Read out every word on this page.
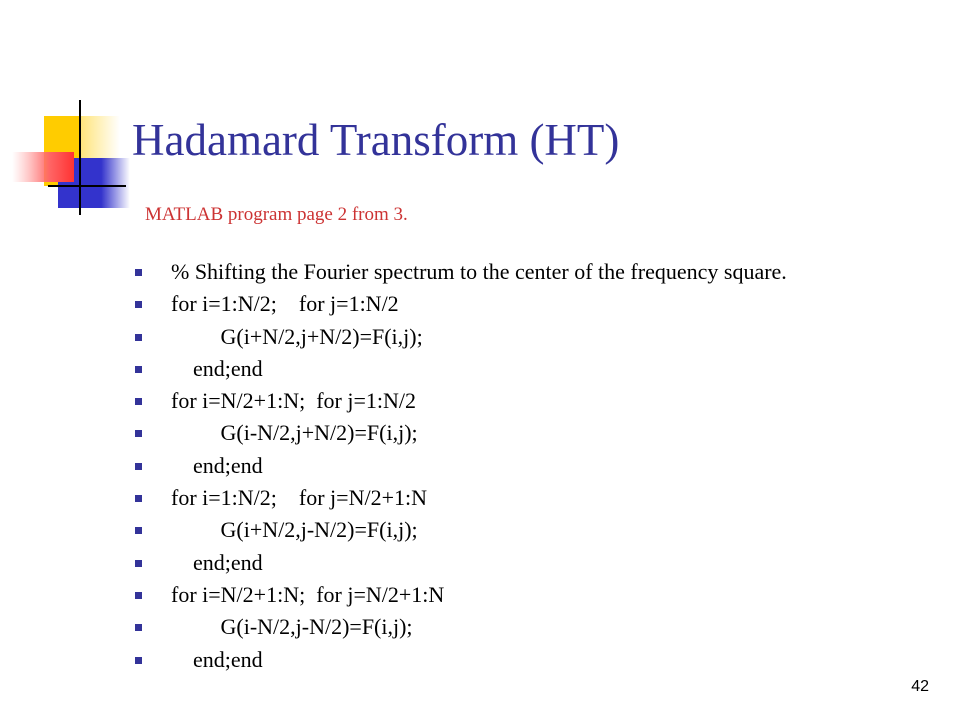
Hadamard Transform (HT)
MATLAB program page 2 from 3.
% Shifting the Fourier spectrum to the center of the frequency square.
for i=1:N/2;    for j=1:N/2
G(i+N/2,j+N/2)=F(i,j);
end;end
for i=N/2+1:N;  for j=1:N/2
G(i-N/2,j+N/2)=F(i,j);
end;end
for i=1:N/2;    for j=N/2+1:N
G(i+N/2,j-N/2)=F(i,j);
end;end
for i=N/2+1:N;  for j=N/2+1:N
G(i-N/2,j-N/2)=F(i,j);
end;end
42
